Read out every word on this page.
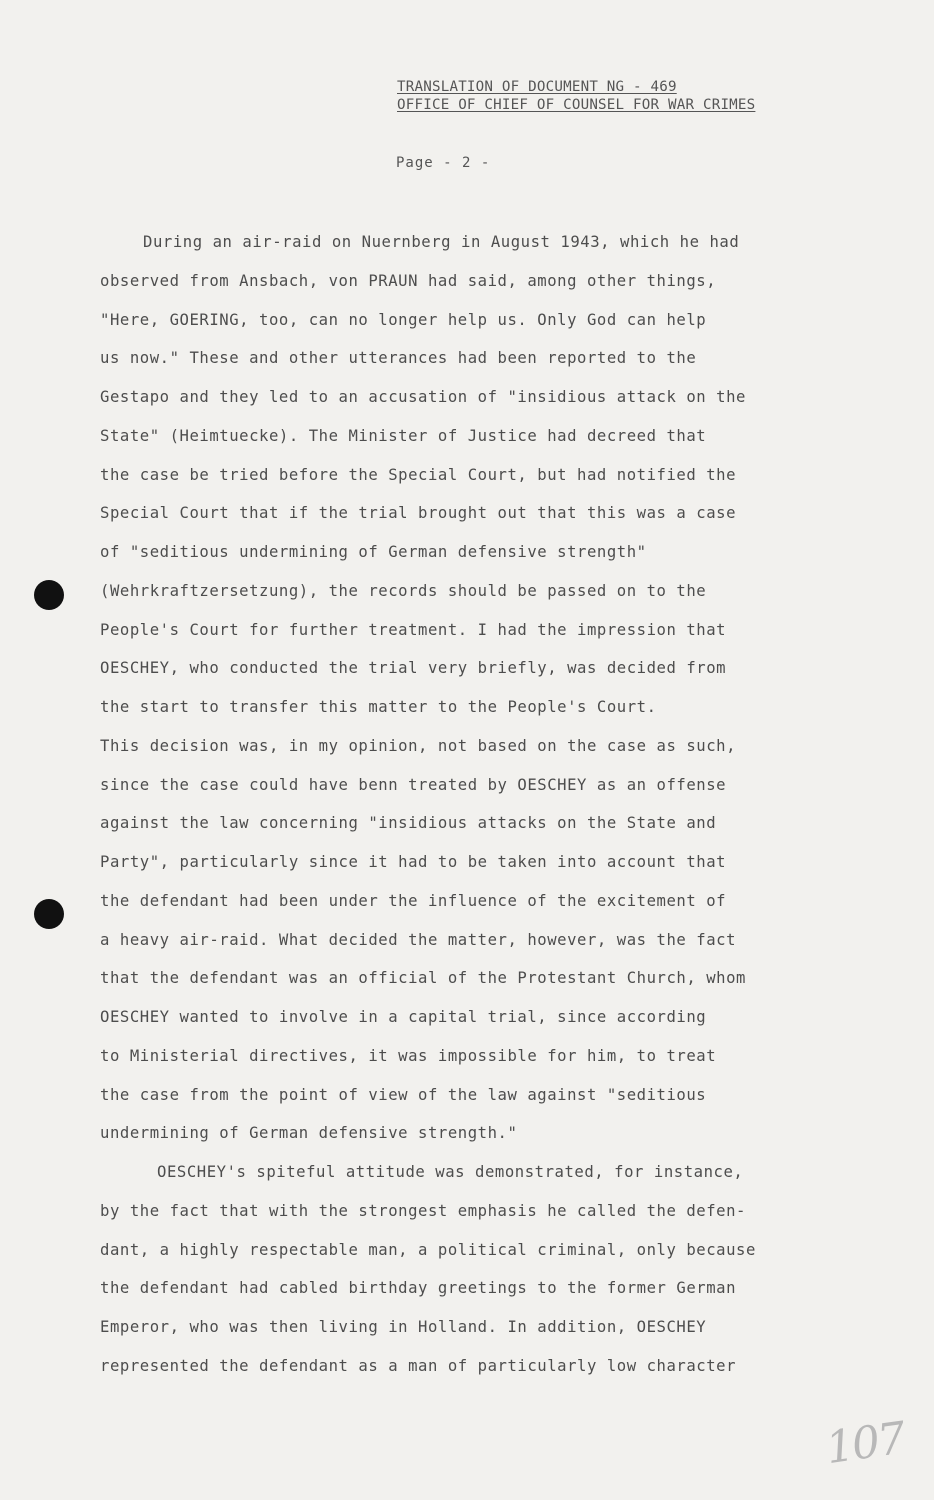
TRANSLATION OF DOCUMENT NG - 469
OFFICE OF CHIEF OF COUNSEL FOR WAR CRIMES
Page - 2 -
During an air-raid on Nuernberg in August 1943, which he had
observed from Ansbach, von PRAUN had said, among other things,
"Here, GOERING, too, can no longer help us. Only God can help
us now." These and other utterances had been reported to the
Gestapo and they led to an accusation of "insidious attack on the
State" (Heimtuecke). The Minister of Justice had decreed that
the case be tried before the Special Court, but had notified the
Special Court that if the trial brought out that this was a case
of "seditious undermining of German defensive strength"
(Wehrkraftzersetzung), the records should be passed on to the
People's Court for further treatment. I had the impression that
OESCHEY, who conducted the trial very briefly, was decided from
the start to transfer this matter to the People's Court.
This decision was, in my opinion, not based on the case as such,
since the case could have benn treated by OESCHEY as an offense
against the law concerning "insidious attacks on the State and
Party", particularly since it had to be taken into account that
the defendant had been under the influence of the excitement of
a heavy air-raid. What decided the matter, however, was the fact
that the defendant was an official of the Protestant Church, whom
OESCHEY wanted to involve in a capital trial, since according
to Ministerial directives, it was impossible for him, to treat
the case from the point of view of the law against "seditious
undermining of German defensive strength."
OESCHEY's spiteful attitude was demonstrated, for instance,
by the fact that with the strongest emphasis he called the defen-
dant, a highly respectable man, a political criminal, only because
the defendant had cabled birthday greetings to the former German
Emperor, who was then living in Holland. In addition, OESCHEY
represented the defendant as a man of particularly low character
107
